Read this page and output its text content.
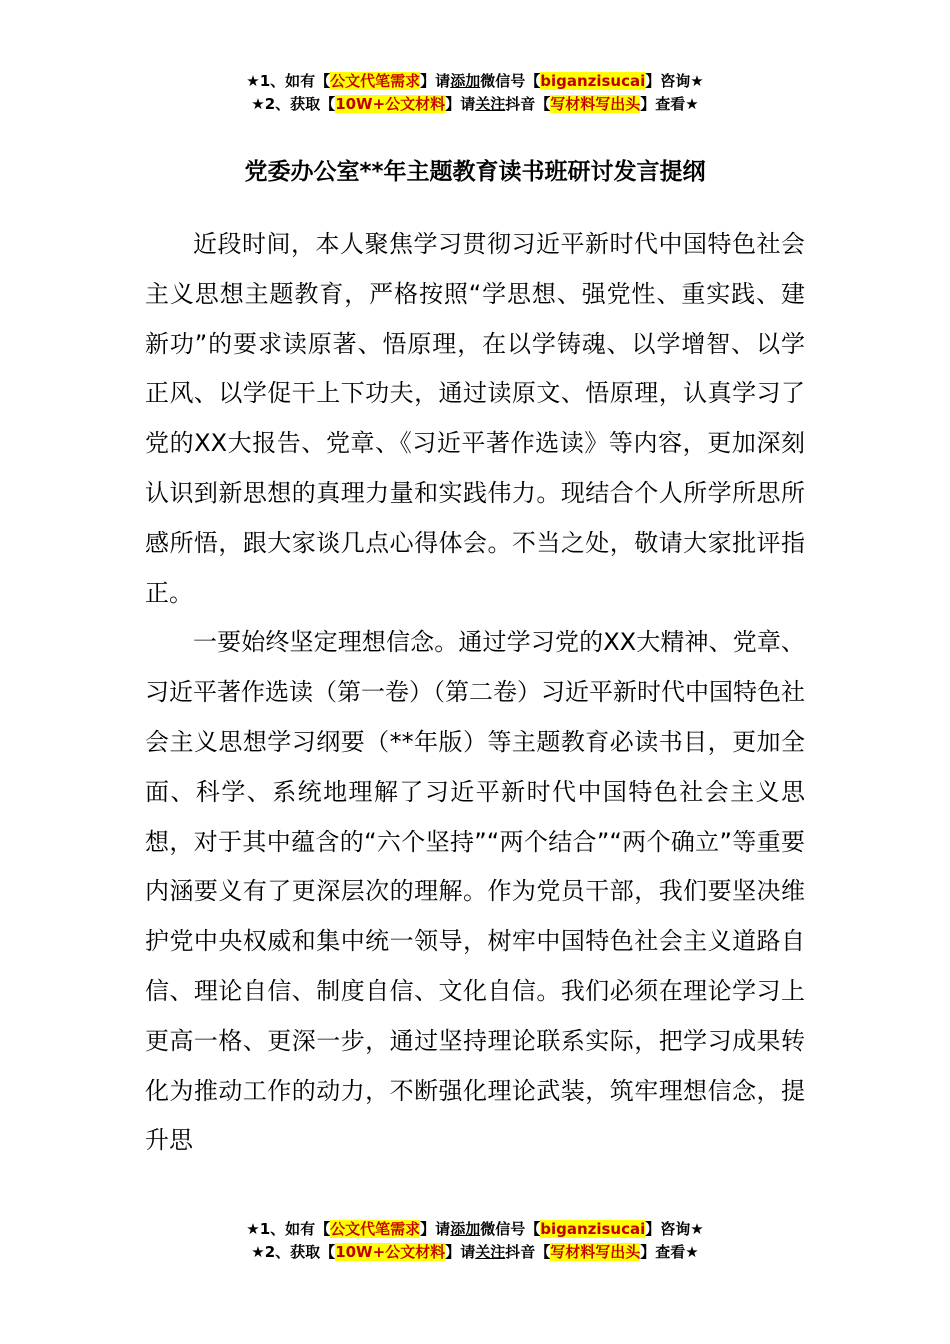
★1、如有【公文代笔需求】请添加微信号【biganzisucai】咨询★
★2、获取【10W+公文材料】请关注抖音【写材料写出头】查看★
党委办公室**年主题教育读书班研讨发言提纲

近段时间，本人聚焦学习贯彻习近平新时代中国特色社会主义思想主题教育，严格按照“学思想、强党性、重实践、建新功”的要求读原著、悟原理，在以学铸魂、以学增智、以学正风、以学促干上下功夫，通过读原文、悟原理，认真学习了党的XX大报告、党章、《习近平著作选读》等内容，更加深刻认识到新思想的真理力量和实践伟力。现结合个人所学所思所感所悟，跟大家谈几点心得体会。不当之处，敬请大家批评指正。

一要始终坚定理想信念。通过学习党的XX大精神、党章、习近平著作选读（第一卷）（第二卷）习近平新时代中国特色社会主义思想学习纲要（**年版）等主题教育必读书目，更加全面、科学、系统地理解了习近平新时代中国特色社会主义思想，对于其中蕴含的“六个坚持”“两个结合”“两个确立”等重要内涵要义有了更深层次的理解。作为党员干部，我们要坚决维护党中央权威和集中统一领导，树牢中国特色社会主义道路自信、理论自信、制度自信、文化自信。我们必须在理论学习上更高一格、更深一步，通过坚持理论联系实际，把学习成果转化为推动工作的动力，不断强化理论武装，筑牢理想信念，提升思

★1、如有【公文代笔需求】请添加微信号【biganzisucai】咨询★
★2、获取【10W+公文材料】请关注抖音【写材料写出头】查看★
